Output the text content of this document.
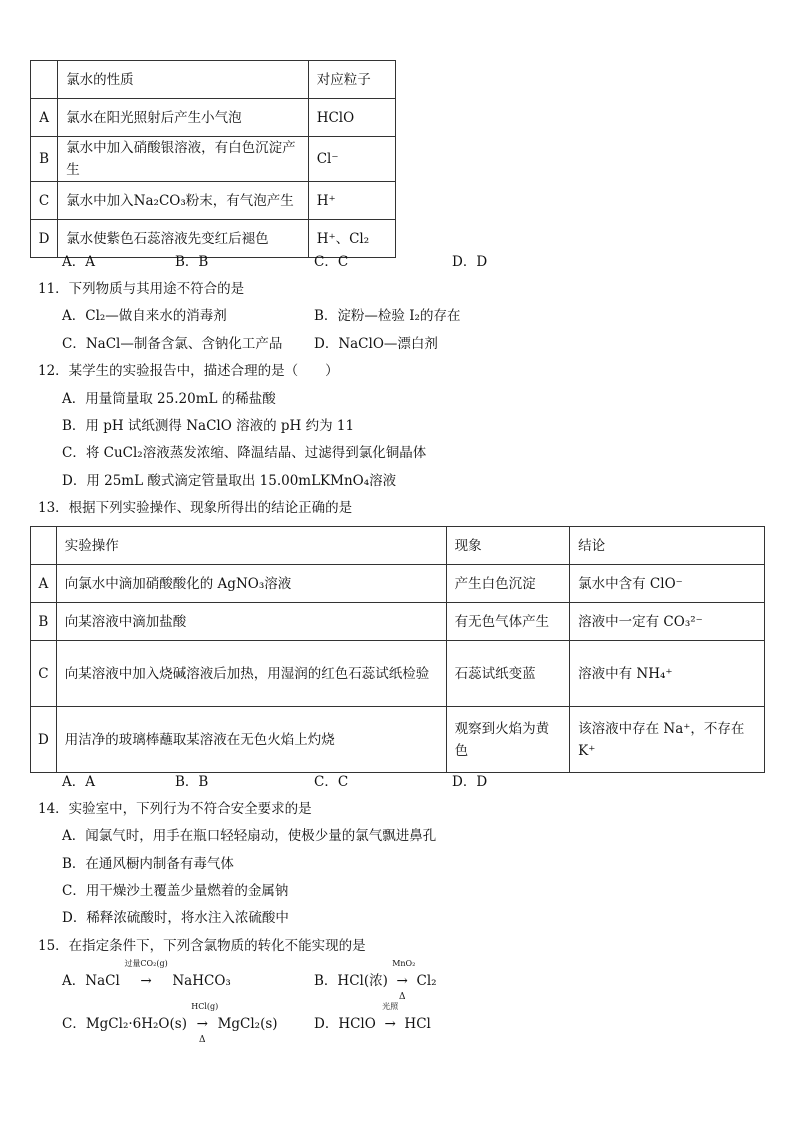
	氯水的性质	对应粒子
A	氯水在阳光照射后产生小气泡	HClO
B	氯水中加入硝酸银溶液，有白色沉淀产生	Cl⁻
C	氯水中加入Na₂CO₃粉末，有气泡产生	H⁺
D	氯水使紫色石蕊溶液先变红后褪色	H⁺、Cl₂
A．A	B．B	C．C	D．D
11．下列物质与其用途不符合的是
A．Cl₂—做自来水的消毒剂	B．淀粉—检验 I₂的存在
C．NaCl—制备含氯、含钠化工产品 D．NaClO—漂白剂
12．某学生的实验报告中，描述合理的是（　　）
A．用量筒量取 25.20mL 的稀盐酸
B．用 pH 试纸测得 NaClO 溶液的 pH 约为 11
C．将 CuCl₂溶液蒸发浓缩、降温结晶、过滤得到氯化铜晶体
D．用 25mL 酸式滴定管量取出 15.00mLKMnO₄溶液
13．根据下列实验操作、现象所得出的结论正确的是
	实验操作	现象	结论
A	向氯水中滴加硝酸酸化的 AgNO₃溶液	产生白色沉淀	氯水中含有 ClO⁻
B	向某溶液中滴加盐酸	有无色气体产生	溶液中一定有 CO₃²⁻
C	向某溶液中加入烧碱溶液后加热，用湿润的红色石蕊试纸检验	石蕊试纸变蓝	溶液中有 NH₄⁺
D	用洁净的玻璃棒蘸取某溶液在无色火焰上灼烧	观察到火焰为黄色	该溶液中存在 Na⁺，不存在 K⁺
A．A	B．B	C．C	D．D
14．实验室中，下列行为不符合安全要求的是
A．闻氯气时，用手在瓶口轻轻扇动，使极少量的氯气飘进鼻孔
B．在通风橱内制备有毒气体
C．用干燥沙土覆盖少量燃着的金属钠
D．稀释浓硫酸时，将水注入浓硫酸中
15．在指定条件下，下列含氯物质的转化不能实现的是
A．NaCl
过量CO₂(g)
→ NaHCO₃	B．HCl(浓)
MnO₂
→
Δ
Cl₂
C．MgCl₂·6H₂O(s)
HCl(g)
→
Δ
MgCl₂(s)	D．HClO
光照
→ HCl
